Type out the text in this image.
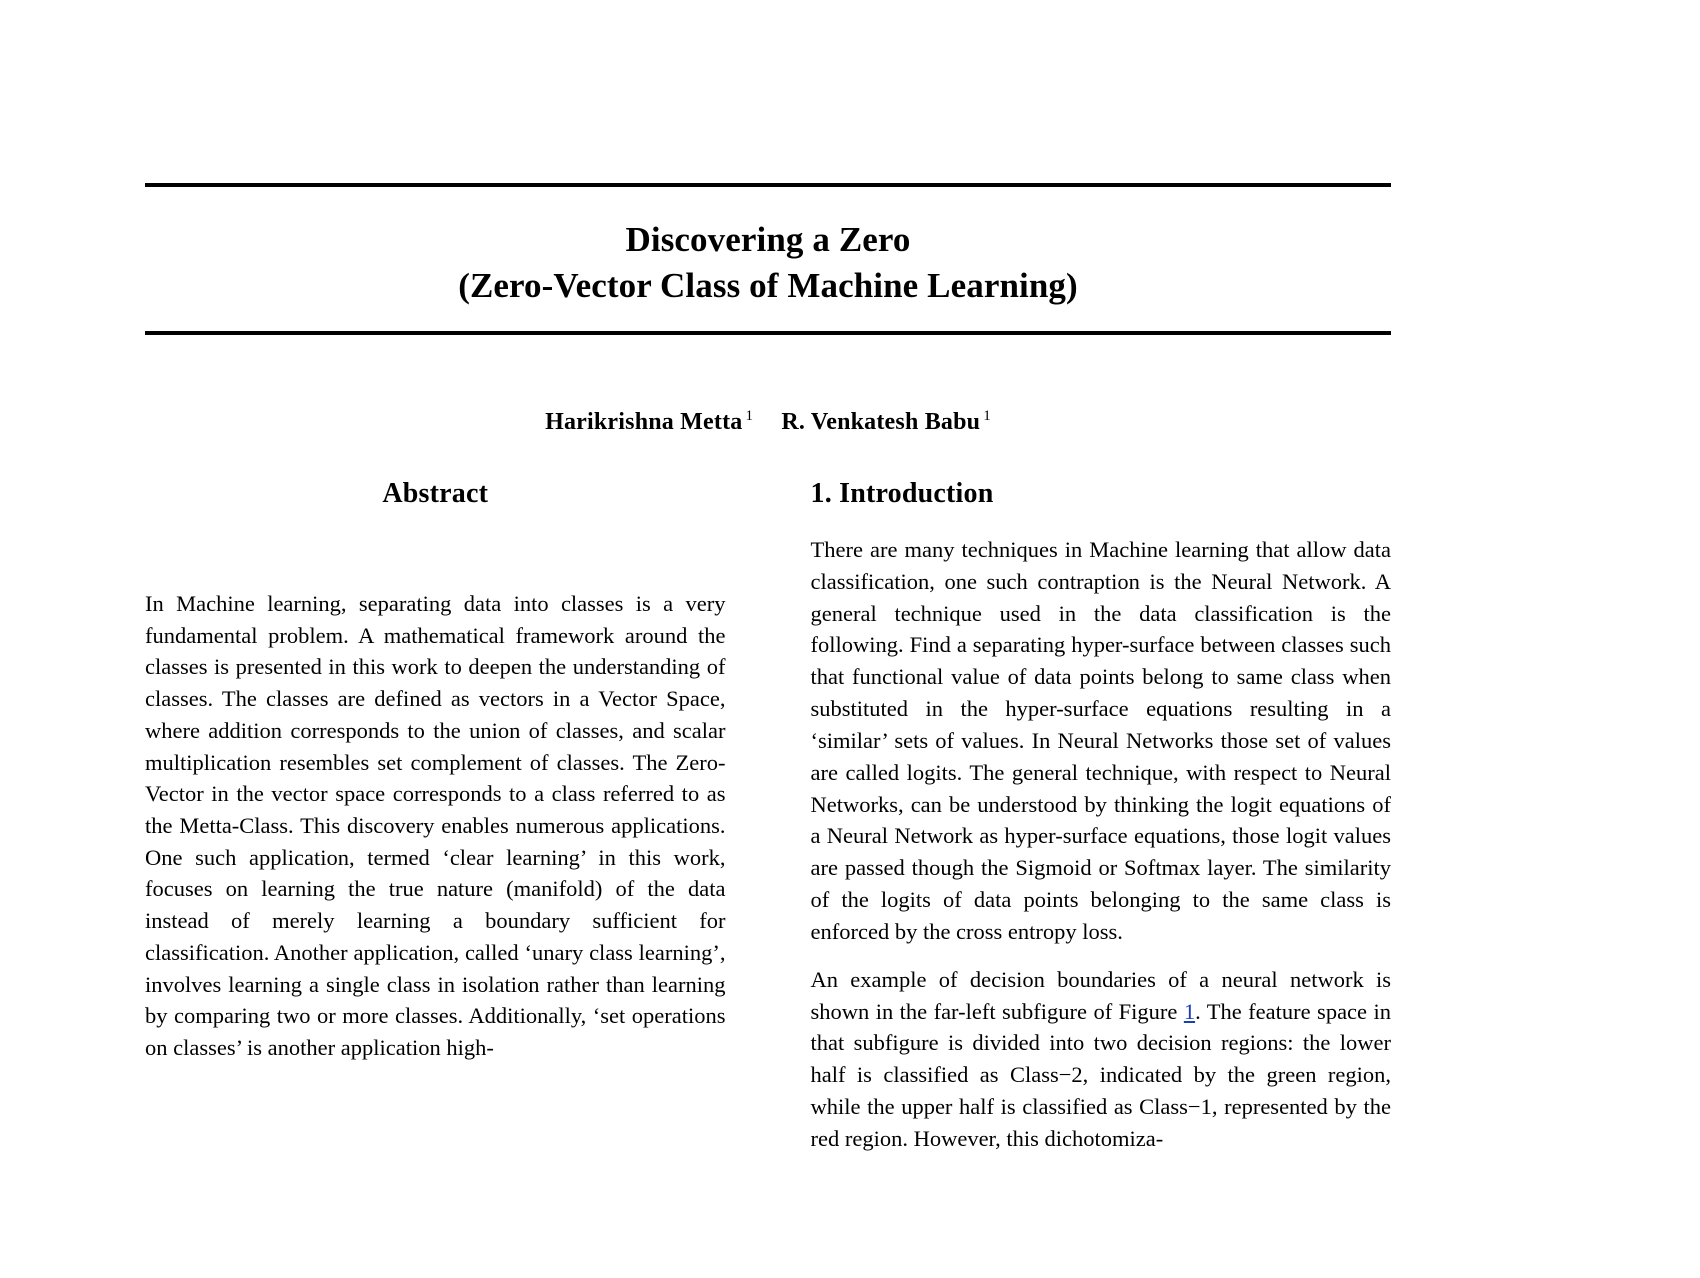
Discovering a Zero
(Zero-Vector Class of Machine Learning)
Harikrishna Metta $^1$ R. Venkatesh Babu $^1$
Abstract
In Machine learning, separating data into classes is a very fundamental problem. A mathematical framework around the classes is presented in this work to deepen the understanding of classes. The classes are defined as vectors in a Vector Space, where addition corresponds to the union of classes, and scalar multiplication resembles set complement of classes. The Zero-Vector in the vector space corresponds to a class referred to as the Metta-Class. This discovery enables numerous applications. One such application, termed ‘clear learning’ in this work, focuses on learning the true nature (manifold) of the data instead of merely learning a boundary sufficient for classification. Another application, called ‘unary class learning’, involves learning a single class in isolation rather than learning by comparing two or more classes. Additionally, ‘set operations on classes’ is another application high-
1. Introduction

There are many techniques in Machine learning that allow data classification, one such contraption is the Neural Network. A general technique used in the data classification is the following. Find a separating hyper-surface between classes such that functional value of data points belong to same class when substituted in the hyper-surface equations resulting in a ‘similar’ sets of values. In Neural Networks those set of values are called logits. The general technique, with respect to Neural Networks, can be understood by thinking the logit equations of a Neural Network as hyper-surface equations, those logit values are passed though the Sigmoid or Softmax layer. The similarity of the logits of data points belonging to the same class is enforced by the cross entropy loss.

An example of decision boundaries of a neural network is shown in the far-left subfigure of Figure 1. The feature space in that subfigure is divided into two decision regions: the lower half is classified as Class−2, indicated by the green region, while the upper half is classified as Class−1, represented by the red region. However, this dichotomiza-
